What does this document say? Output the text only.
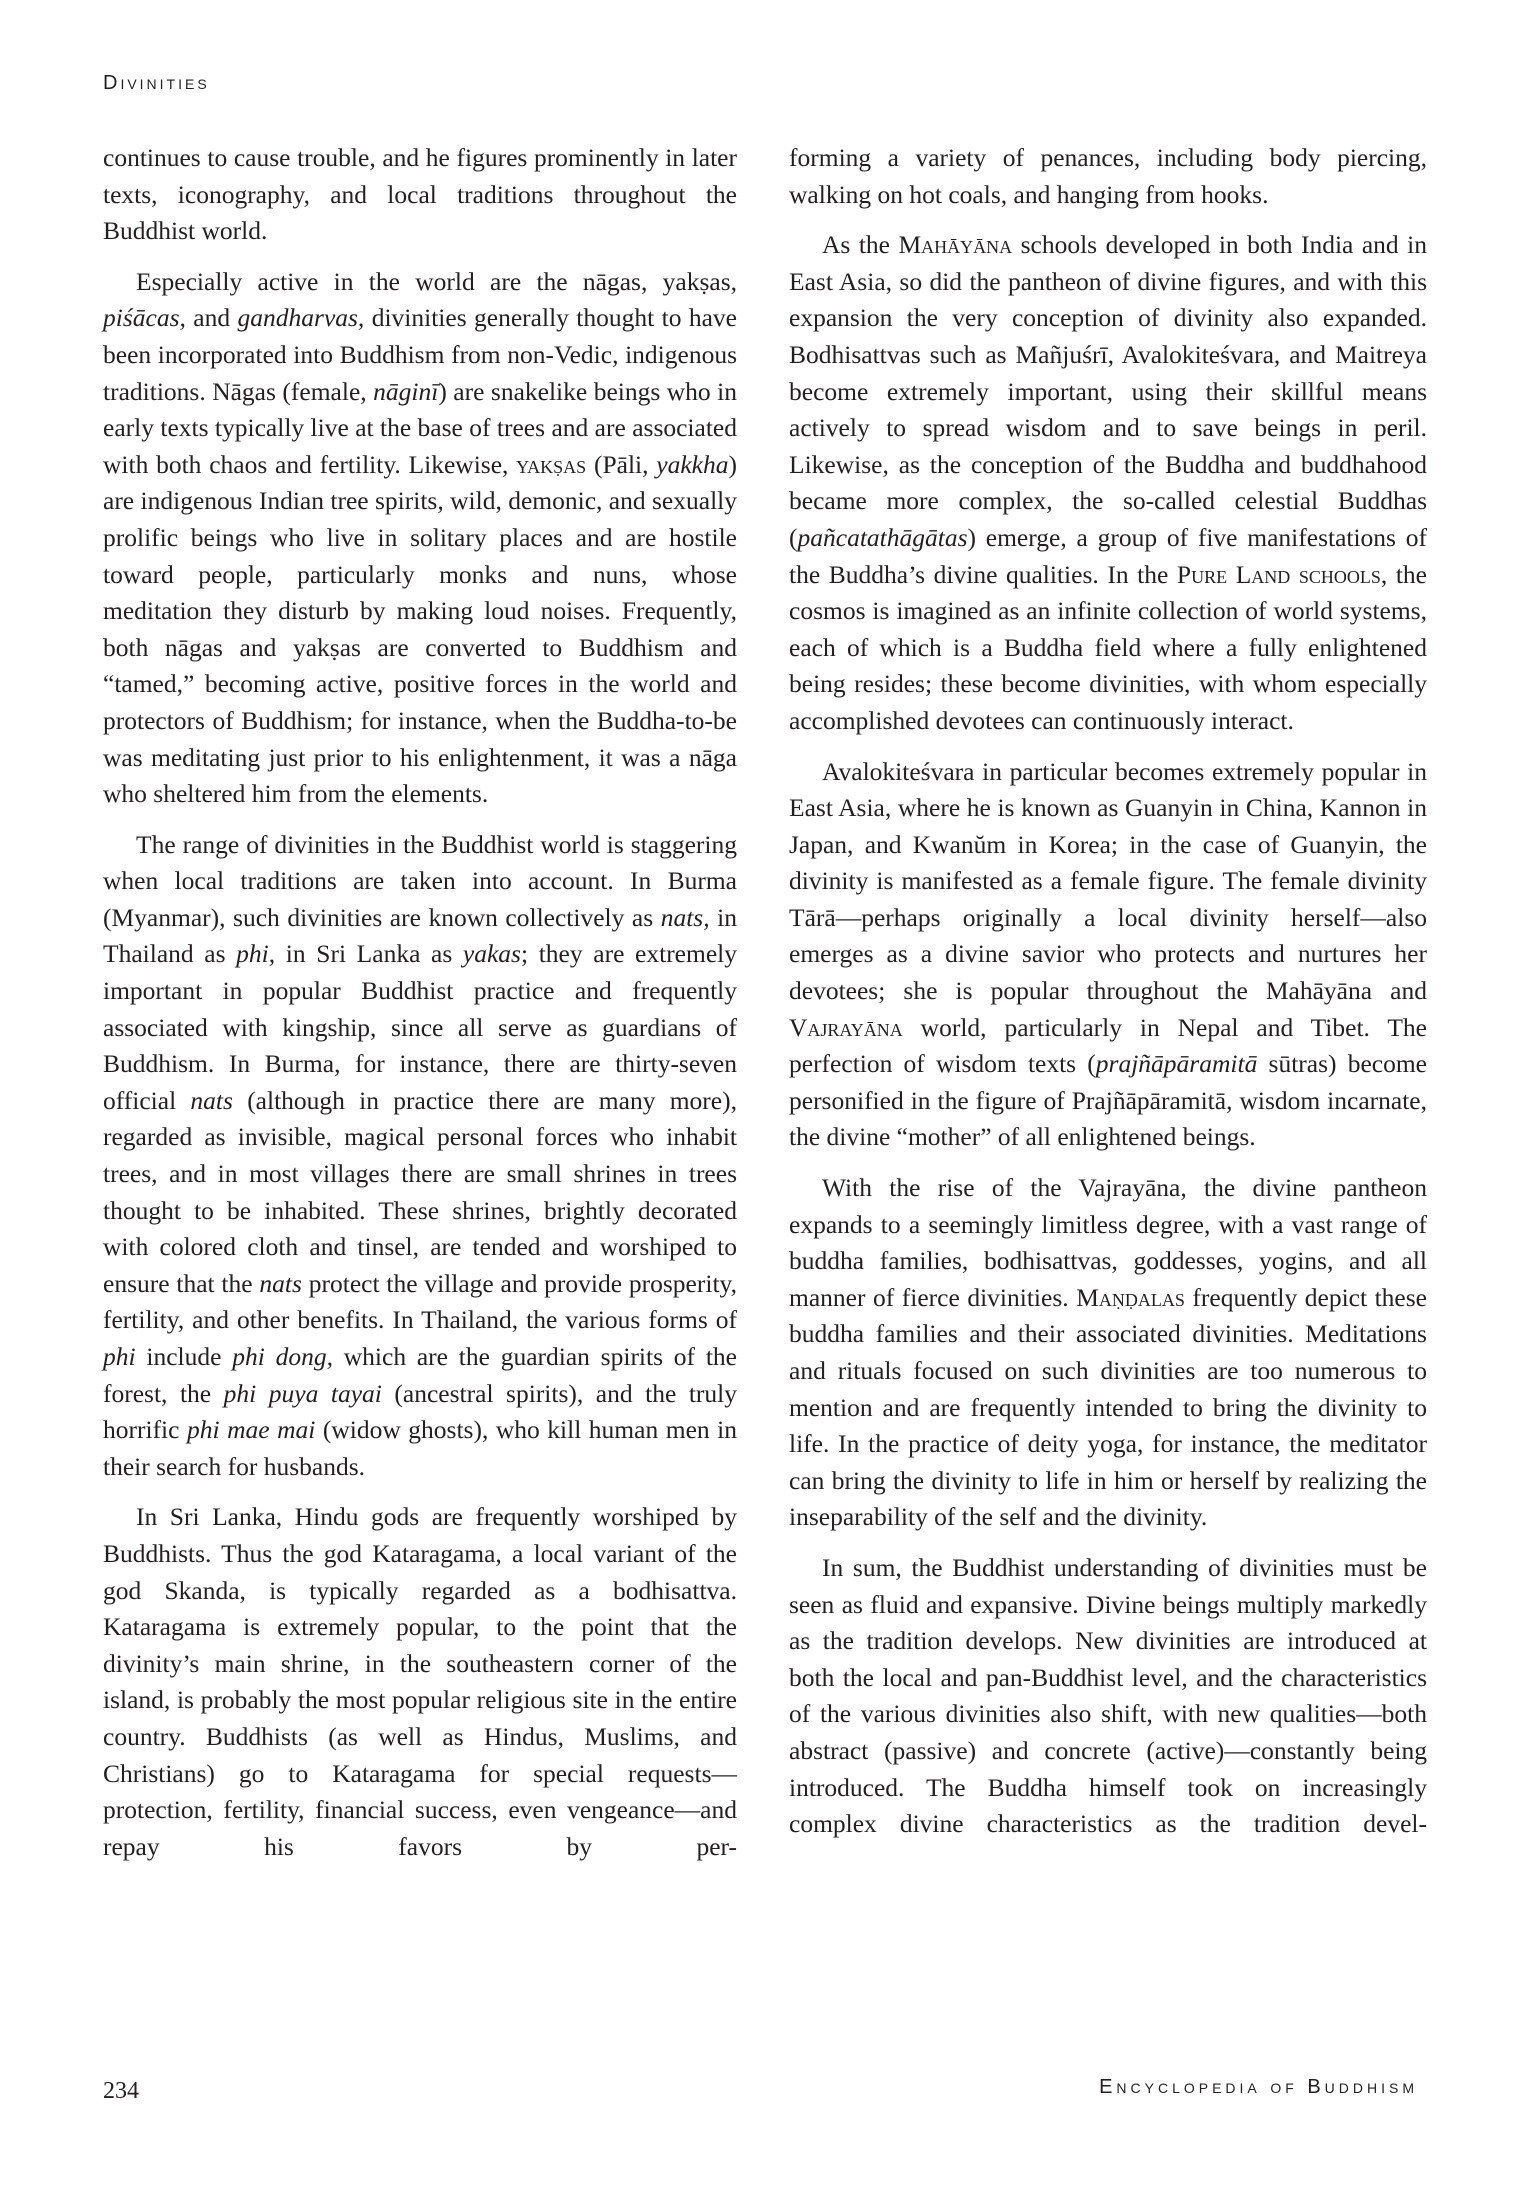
Divinities

continues to cause trouble, and he figures prominently in later texts, iconography, and local traditions throughout the Buddhist world.

Especially active in the world are the nāgas, yakṣas, piśācas, and gandharvas, divinities generally thought to have been incorporated into Buddhism from non-Vedic, indigenous traditions. Nāgas (female, nāginī) are snakelike beings who in early texts typically live at the base of trees and are associated with both chaos and fertility. Likewise, yakṣas (Pāli, yakkha) are indigenous Indian tree spirits, wild, demonic, and sexually prolific beings who live in solitary places and are hostile toward people, particularly monks and nuns, whose meditation they disturb by making loud noises. Frequently, both nāgas and yakṣas are converted to Buddhism and “tamed,” becoming active, positive forces in the world and protectors of Buddhism; for instance, when the Buddha-to-be was meditating just prior to his enlightenment, it was a nāga who sheltered him from the elements.

The range of divinities in the Buddhist world is staggering when local traditions are taken into account. In Burma (Myanmar), such divinities are known collectively as nats, in Thailand as phi, in Sri Lanka as yakas; they are extremely important in popular Buddhist practice and frequently associated with kingship, since all serve as guardians of Buddhism. In Burma, for instance, there are thirty-seven official nats (although in practice there are many more), regarded as invisible, magical personal forces who inhabit trees, and in most villages there are small shrines in trees thought to be inhabited. These shrines, brightly decorated with colored cloth and tinsel, are tended and worshiped to ensure that the nats protect the village and provide prosperity, fertility, and other benefits. In Thailand, the various forms of phi include phi dong, which are the guardian spirits of the forest, the phi puya tayai (ancestral spirits), and the truly horrific phi mae mai (widow ghosts), who kill human men in their search for husbands.

In Sri Lanka, Hindu gods are frequently worshiped by Buddhists. Thus the god Kataragama, a local variant of the god Skanda, is typically regarded as a bodhisattva. Kataragama is extremely popular, to the point that the divinity’s main shrine, in the southeastern corner of the island, is probably the most popular religious site in the entire country. Buddhists (as well as Hindus, Muslims, and Christians) go to Kataragama for special requests—protection, fertility, financial success, even vengeance—and repay his favors by per-

forming a variety of penances, including body piercing, walking on hot coals, and hanging from hooks.

As the Mahāyāna schools developed in both India and in East Asia, so did the pantheon of divine figures, and with this expansion the very conception of divinity also expanded. Bodhisattvas such as Mañjuśrī, Avalokiteśvara, and Maitreya become extremely important, using their skillful means actively to spread wisdom and to save beings in peril. Likewise, as the conception of the Buddha and buddhahood became more complex, the so-called celestial Buddhas (pañcatathāgātas) emerge, a group of five manifestations of the Buddha’s divine qualities. In the Pure Land schools, the cosmos is imagined as an infinite collection of world systems, each of which is a Buddha field where a fully enlightened being resides; these become divinities, with whom especially accomplished devotees can continuously interact.

Avalokiteśvara in particular becomes extremely popular in East Asia, where he is known as Guanyin in China, Kannon in Japan, and Kwanŭm in Korea; in the case of Guanyin, the divinity is manifested as a female figure. The female divinity Tārā—perhaps originally a local divinity herself—also emerges as a divine savior who protects and nurtures her devotees; she is popular throughout the Mahāyāna and Vajrayāna world, particularly in Nepal and Tibet. The perfection of wisdom texts (prajñāpāramitā sūtras) become personified in the figure of Prajñāpāramitā, wisdom incarnate, the divine “mother” of all enlightened beings.

With the rise of the Vajrayāna, the divine pantheon expands to a seemingly limitless degree, with a vast range of buddha families, bodhisattvas, goddesses, yogins, and all manner of fierce divinities. Maṇḍalas frequently depict these buddha families and their associated divinities. Meditations and rituals focused on such divinities are too numerous to mention and are frequently intended to bring the divinity to life. In the practice of deity yoga, for instance, the meditator can bring the divinity to life in him or herself by realizing the inseparability of the self and the divinity.

In sum, the Buddhist understanding of divinities must be seen as fluid and expansive. Divine beings multiply markedly as the tradition develops. New divinities are introduced at both the local and pan-Buddhist level, and the characteristics of the various divinities also shift, with new qualities—both abstract (passive) and concrete (active)—constantly being introduced. The Buddha himself took on increasingly complex divine characteristics as the tradition devel-

234	Encyclopedia of Buddhism
